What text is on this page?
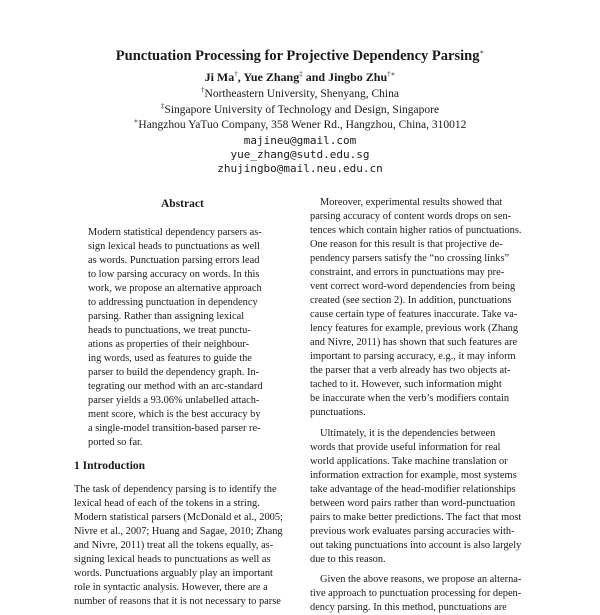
Punctuation Processing for Projective Dependency Parsing∗
Ji Ma†, Yue Zhang‡ and Jingbo Zhu†∗
†Northeastern University, Shenyang, China
‡Singapore University of Technology and Design, Singapore
∗Hangzhou YaTuo Company, 358 Wener Rd., Hangzhou, China, 310012
majineu@gmail.com
yue_zhang@sutd.edu.sg
zhujingbo@mail.neu.edu.cn
Abstract
Modern statistical dependency parsers as-
sign lexical heads to punctuations as well
as words. Punctuation parsing errors lead
to low parsing accuracy on words. In this
work, we propose an alternative approach
to addressing punctuation in dependency
parsing. Rather than assigning lexical
heads to punctuations, we treat punctu-
ations as properties of their neighbour-
ing words, used as features to guide the
parser to build the dependency graph. In-
tegrating our method with an arc-standard
parser yields a 93.06% unlabelled attach-
ment score, which is the best accuracy by
a single-model transition-based parser re-
ported so far.
1 Introduction
The task of dependency parsing is to identify the
lexical head of each of the tokens in a string.
Modern statistical parsers (McDonald et al., 2005;
Nivre et al., 2007; Huang and Sagae, 2010; Zhang
and Nivre, 2011) treat all the tokens equally, as-
signing lexical heads to punctuations as well as
words. Punctuations arguably play an important
role in syntactic analysis. However, there are a
number of reasons that it is not necessary to parse
Moreover, experimental results showed that
parsing accuracy of content words drops on sen-
tences which contain higher ratios of punctuations.
One reason for this result is that projective de-
pendency parsers satisfy the “no crossing links”
constraint, and errors in punctuations may pre-
vent correct word-word dependencies from being
created (see section 2). In addition, punctuations
cause certain type of features inaccurate. Take va-
lency features for example, previous work (Zhang
and Nivre, 2011) has shown that such features are
important to parsing accuracy, e.g., it may inform
the parser that a verb already has two objects at-
tached to it. However, such information might
be inaccurate when the verb’s modifiers contain
punctuations.
Ultimately, it is the dependencies between
words that provide useful information for real
world applications. Take machine translation or
information extraction for example, most systems
take advantage of the head-modifier relationships
between word pairs rather than word-punctuation
pairs to make better predictions. The fact that most
previous work evaluates parsing accuracies with-
out taking punctuations into account is also largely
due to this reason.
Given the above reasons, we propose an alterna-
tive approach to punctuation processing for depen-
dency parsing. In this method, punctuations are
